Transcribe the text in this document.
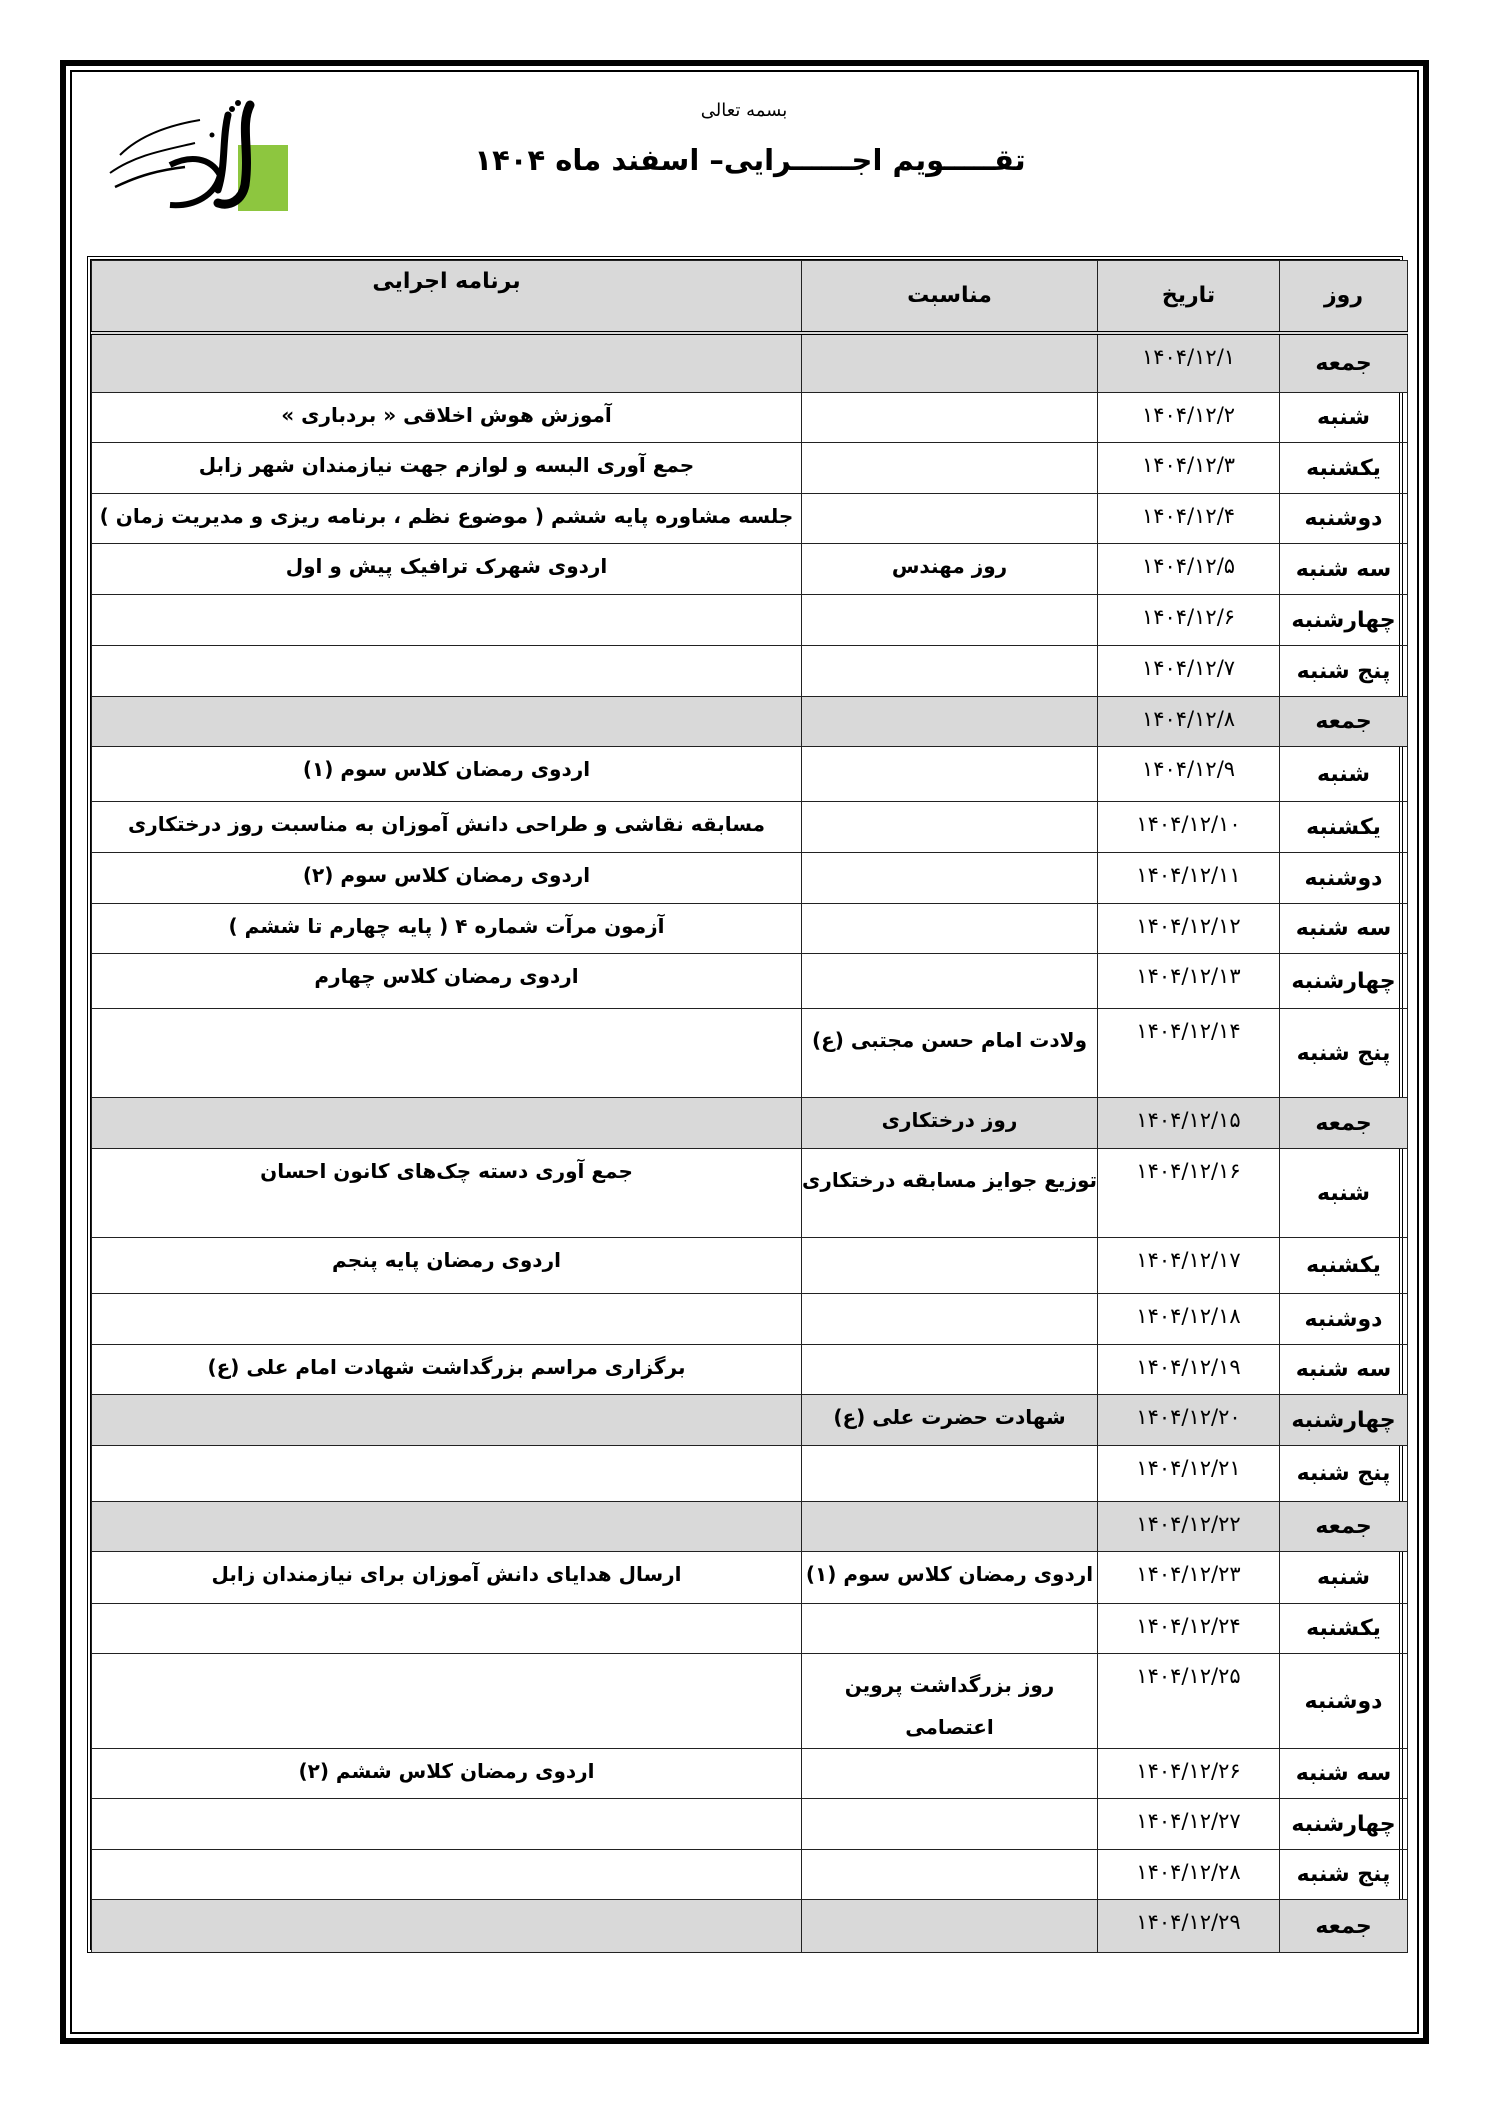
بسمه تعالی
تقـــــویم اجــــــرایی– اسفند ماه ۱۴۰۴
روز	تاریخ	مناسبت	برنامه اجرایی
جمعه	۱۴۰۴/۱۲/۱		
شنبه	۱۴۰۴/۱۲/۲		آموزش هوش اخلاقی « بردباری »
یکشنبه	۱۴۰۴/۱۲/۳		جمع آوری البسه و لوازم جهت نیازمندان شهر زابل
دوشنبه	۱۴۰۴/۱۲/۴		جلسه مشاوره پایه ششم ( موضوع نظم ، برنامه ریزی و مدیریت زمان )
سه شنبه	۱۴۰۴/۱۲/۵	روز مهندس	اردوی شهرک ترافیک پیش و اول
چهارشنبه	۱۴۰۴/۱۲/۶		
پنج شنبه	۱۴۰۴/۱۲/۷		
جمعه	۱۴۰۴/۱۲/۸		
شنبه	۱۴۰۴/۱۲/۹		اردوی رمضان کلاس سوم (۱)
یکشنبه	۱۴۰۴/۱۲/۱۰		مسابقه نقاشی و طراحی دانش آموزان به مناسبت روز درختکاری
دوشنبه	۱۴۰۴/۱۲/۱۱		اردوی رمضان کلاس سوم (۲)
سه شنبه	۱۴۰۴/۱۲/۱۲		آزمون مرآت شماره ۴ ( پایه چهارم تا ششم )
چهارشنبه	۱۴۰۴/۱۲/۱۳		اردوی رمضان کلاس چهارم
پنج شنبه	۱۴۰۴/۱۲/۱۴	ولادت امام حسن مجتبی (ع)	
جمعه	۱۴۰۴/۱۲/۱۵	روز درختکاری	
شنبه	۱۴۰۴/۱۲/۱۶	توزیع جوایز مسابقه درختکاری	جمع آوری دسته چک‌های کانون احسان
یکشنبه	۱۴۰۴/۱۲/۱۷		اردوی رمضان پایه پنجم
دوشنبه	۱۴۰۴/۱۲/۱۸		
سه شنبه	۱۴۰۴/۱۲/۱۹		برگزاری مراسم بزرگداشت شهادت امام علی (ع)
چهارشنبه	۱۴۰۴/۱۲/۲۰	شهادت حضرت علی (ع)	
پنج شنبه	۱۴۰۴/۱۲/۲۱		
جمعه	۱۴۰۴/۱۲/۲۲		
شنبه	۱۴۰۴/۱۲/۲۳	اردوی رمضان کلاس سوم (۱)	ارسال هدایای دانش آموزان برای نیازمندان زابل
یکشنبه	۱۴۰۴/۱۲/۲۴		
دوشنبه	۱۴۰۴/۱۲/۲۵	روز بزرگداشت پروین اعتصامی	
سه شنبه	۱۴۰۴/۱۲/۲۶		اردوی رمضان کلاس ششم (۲)
چهارشنبه	۱۴۰۴/۱۲/۲۷		
پنج شنبه	۱۴۰۴/۱۲/۲۸		
جمعه	۱۴۰۴/۱۲/۲۹		
